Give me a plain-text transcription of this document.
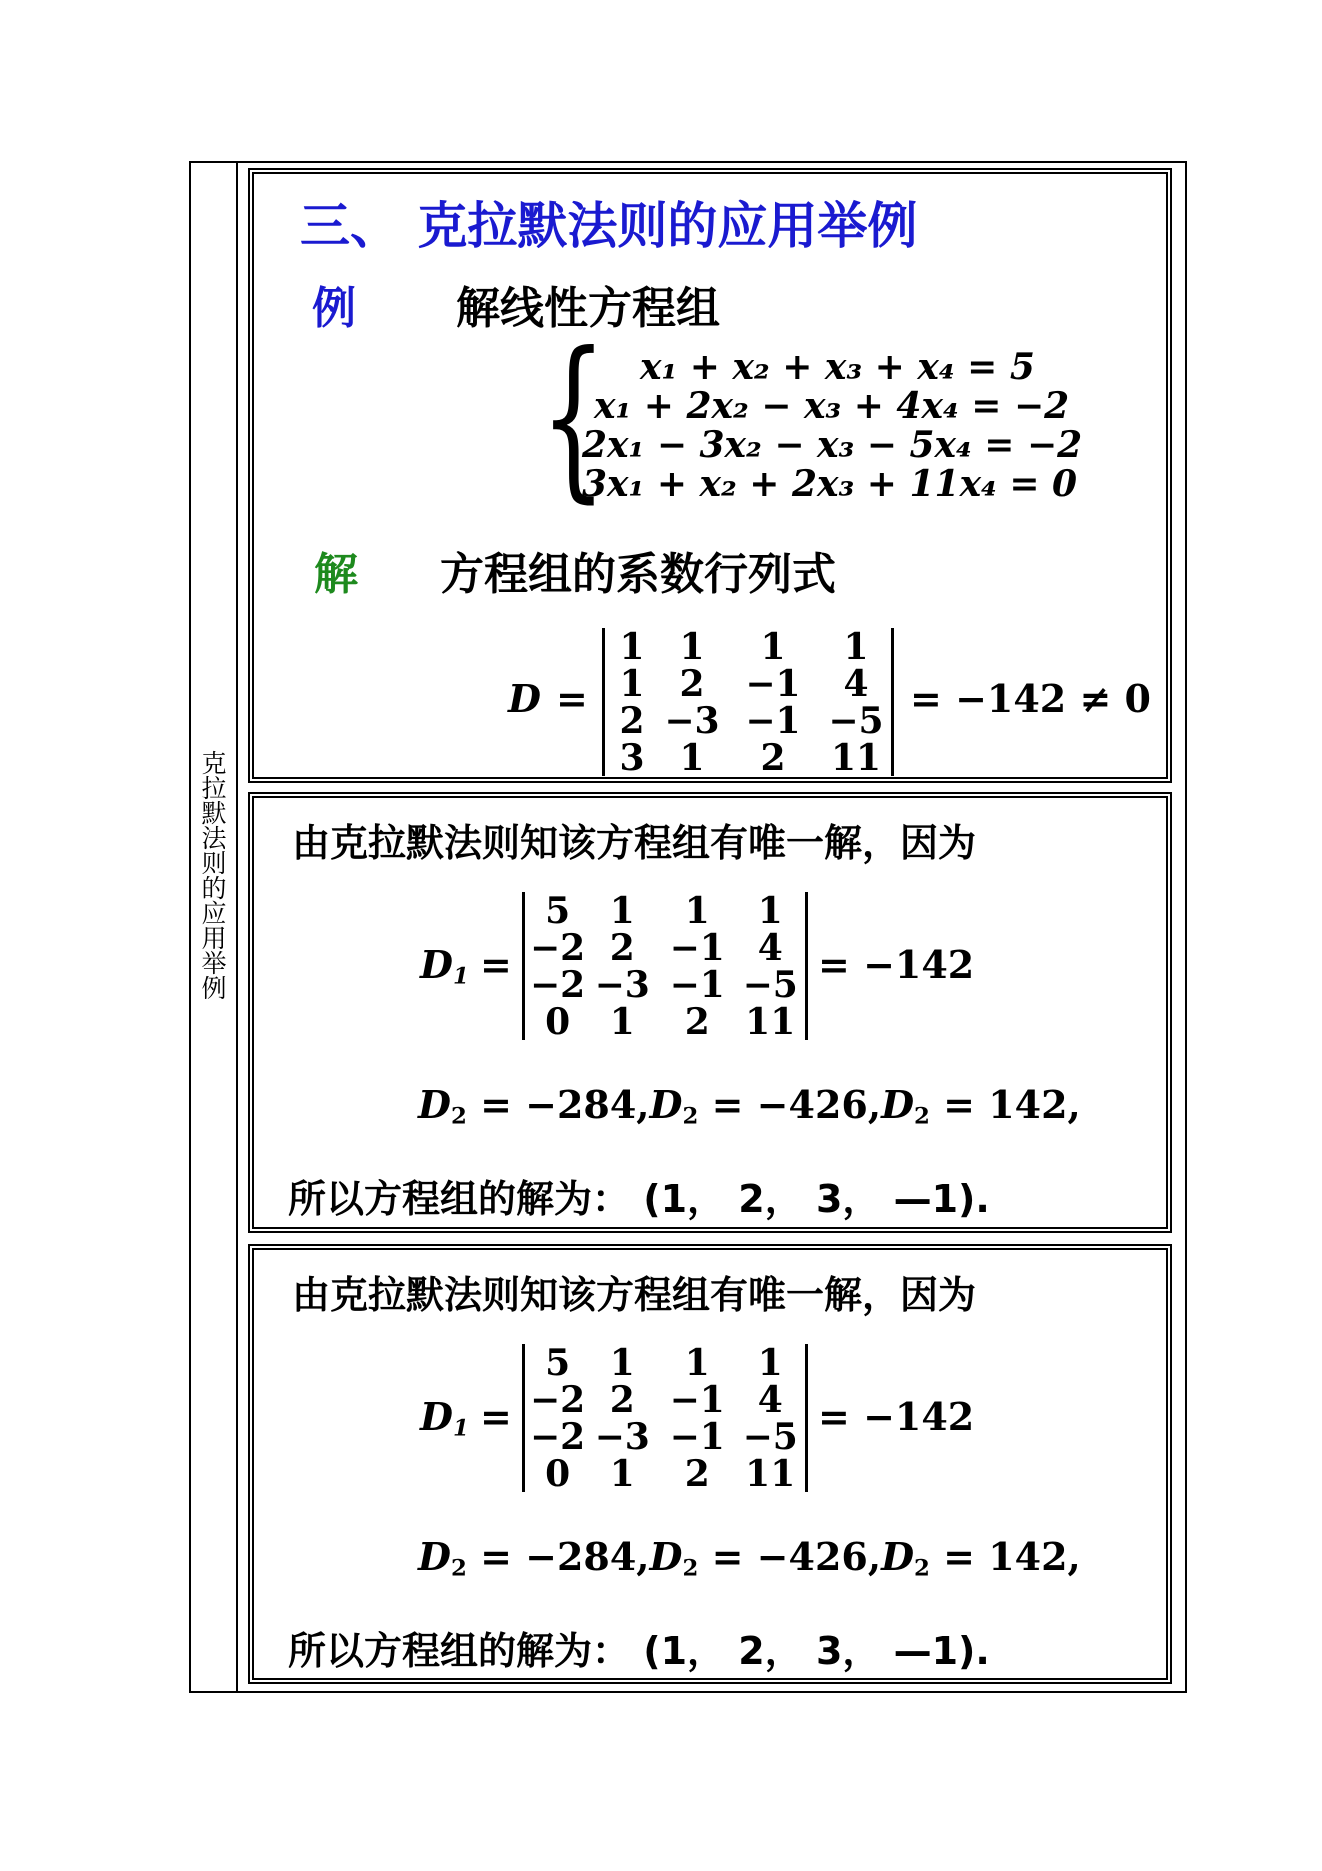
克拉默法则的应用举例
三、 克拉默法则的应用举例
例 解线性方程组
{ x₁ + x₂ + x₃ + x₄ = 5
x₁ + 2x₂ − x₃ + 4x₄ = −2
2x₁ − 3x₂ − x₃ − 5x₄ = −2
3x₁ + x₂ + 2x₃ + 11x₄ = 0
解 方程组的系数行列式
D =
1	1	1	1
1	2	−1	4
2	−3	−1	−5
3	1	2	11
= −142 ≠ 0
由克拉默法则知该方程组有唯一解，因为
$D_1$ =
5	1	1	1
−2	2	−1	4
−2	−3	−1	−5
0	1	2	11
= −142
$D_2 = -284,D_2 = -426,D_2 = 142$,
所以方程组的解为： (1， 2， 3， —1).
由克拉默法则知该方程组有唯一解，因为
$D_1$ =
5	1	1	1
−2	2	−1	4
−2	−3	−1	−5
0	1	2	11
= −142
$D_2 = -284,D_2 = -426,D_2 = 142$,
所以方程组的解为： (1， 2， 3， —1).
